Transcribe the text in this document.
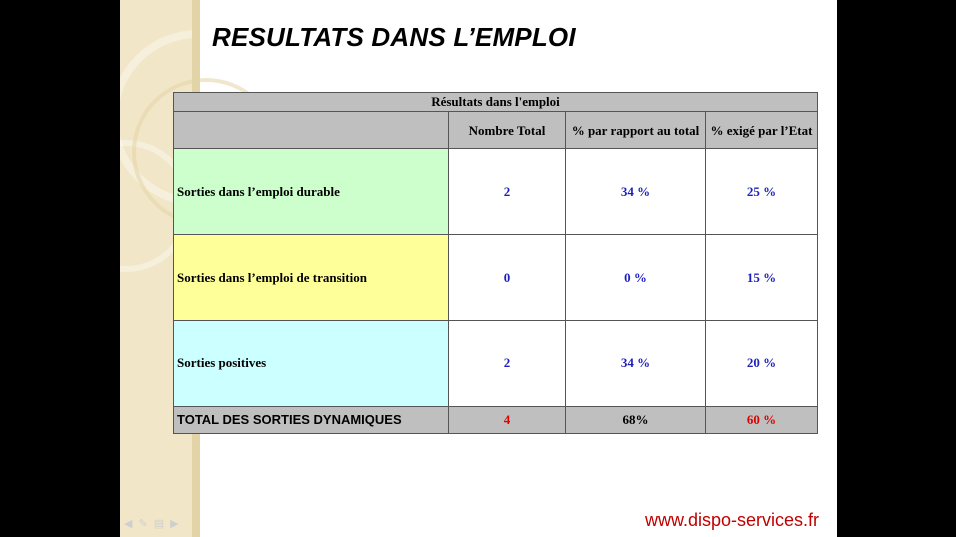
RESULTATS DANS L’EMPLOI
Résultats dans l'emploi			
	Nombre Total	% par rapport au total	% exigé par l’Etat
Sorties dans l’emploi durable	2	34 %	25 %
Sorties dans l’emploi de transition	0	0 %	15 %
Sorties positives	2	34 %	20 %
TOTAL DES SORTIES DYNAMIQUES	4	68%	60 %
◀✎▤▶	www.dispo-services.fr
